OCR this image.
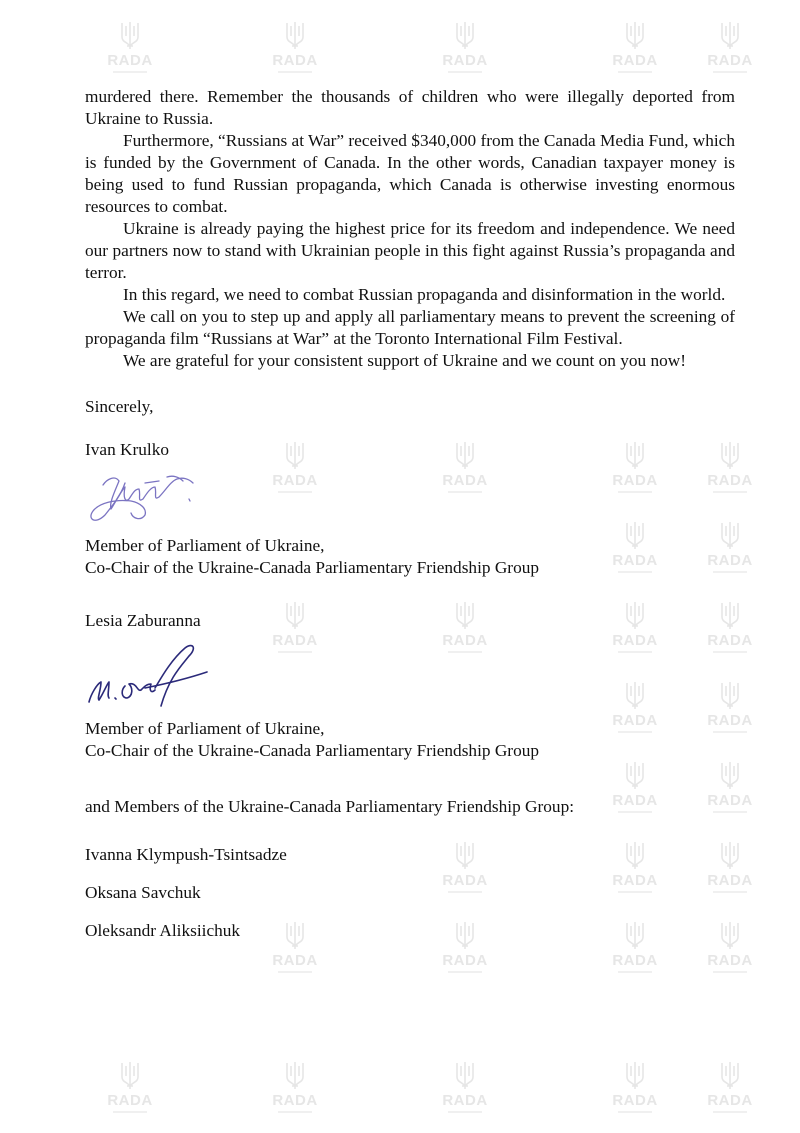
RADA	RADA	RADA	RADA	RADA
RADA	RADA	RADA	RADA
RADA	RADA
RADA	RADA	RADA	RADA
RADA	RADA
RADA	RADA
RADA	RADA	RADA
RADA	RADA	RADA	RADA
RADA	RADA	RADA	RADA	RADA

murdered there. Remember the thousands of children who were illegally deported from Ukraine to Russia.

Furthermore, “Russians at War” received $340,000 from the Canada Media Fund, which is funded by the Government of Canada. In the other words, Canadian taxpayer money is being used to fund Russian propaganda, which Canada is otherwise investing enormous resources to combat.

Ukraine is already paying the highest price for its freedom and independence. We need our partners now to stand with Ukrainian people in this fight against Russia’s propaganda and terror.

In this regard, we need to combat Russian propaganda and disinformation in the world.

We call on you to step up and apply all parliamentary means to prevent the screening of propaganda film “Russians at War” at the Toronto International Film Festival.

We are grateful for your consistent support of Ukraine and we count on you now!

Sincerely,

Ivan Krulko

Member of Parliament of Ukraine,

Co-Chair of the Ukraine-Canada Parliamentary Friendship Group

Lesia Zaburanna

Member of Parliament of Ukraine,

Co-Chair of the Ukraine-Canada Parliamentary Friendship Group

and Members of the Ukraine-Canada Parliamentary Friendship Group:

Ivanna Klympush-Tsintsadze

Oksana Savchuk

Oleksandr Aliksiichuk
